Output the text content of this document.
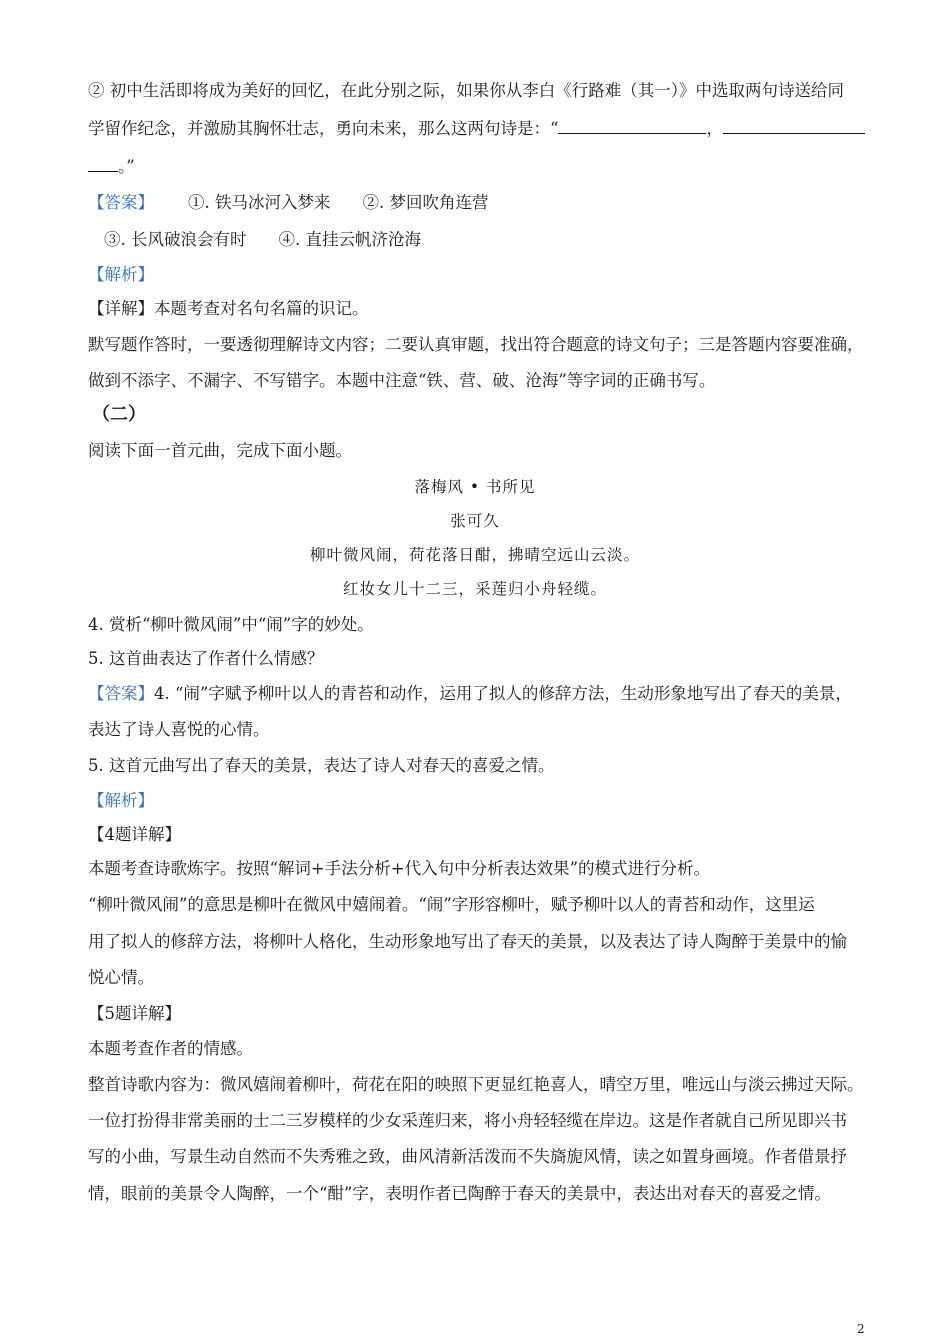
② 初中生活即将成为美好的回忆，在此分别之际，如果你从李白《行路难（其一）》中选取两句诗送给同
学留作纪念，并激励其胸怀壮志，勇向未来，那么这两句诗是：“	，
。”
【答案】 ①. 铁马冰河入梦来 ②. 梦回吹角连营
③. 长风破浪会有时 ④. 直挂云帆济沧海
【解析】
【详解】本题考查对名句名篇的识记。
默写题作答时，一要透彻理解诗文内容；二要认真审题，找出符合题意的诗文句子；三是答题内容要准确，
做到不添字、不漏字、不写错字。本题中注意“铁、营、破、沧海”等字词的正确书写。
（二）
阅读下面一首元曲，完成下面小题。
落梅风 • 书所见
张可久
柳叶微风闹，荷花落日酣，拂晴空远山云淡。
红妆女儿十二三，采莲归小舟轻缆。
4. 赏析“柳叶微风闹”中“闹”字的妙处。
5. 这首曲表达了作者什么情感？
【答案】4. “闹”字赋予柳叶以人的青苔和动作，运用了拟人的修辞方法，生动形象地写出了春天的美景，
表达了诗人喜悦的心情。
5. 这首元曲写出了春天的美景，表达了诗人对春天的喜爱之情。
【解析】
【4题详解】
本题考查诗歌炼字。按照“解词+手法分析+代入句中分析表达效果”的模式进行分析。
“柳叶微风闹”的意思是柳叶在微风中嬉闹着。“闹”字形容柳叶，赋予柳叶以人的青苔和动作，这里运
用了拟人的修辞方法，将柳叶人格化，生动形象地写出了春天的美景，以及表达了诗人陶醉于美景中的愉
悦心情。
【5题详解】
本题考查作者的情感。
整首诗歌内容为：微风嬉闹着柳叶，荷花在阳的映照下更显红艳喜人，晴空万里，唯远山与淡云拂过天际。
一位打扮得非常美丽的士二三岁模样的少女采莲归来，将小舟轻轻缆在岸边。这是作者就自己所见即兴书
写的小曲，写景生动自然而不失秀雅之致，曲风清新活泼而不失旖旎风情，读之如置身画境。作者借景抒
情，眼前的美景令人陶醉，一个“酣”字，表明作者已陶醉于春天的美景中，表达出对春天的喜爱之情。
2
